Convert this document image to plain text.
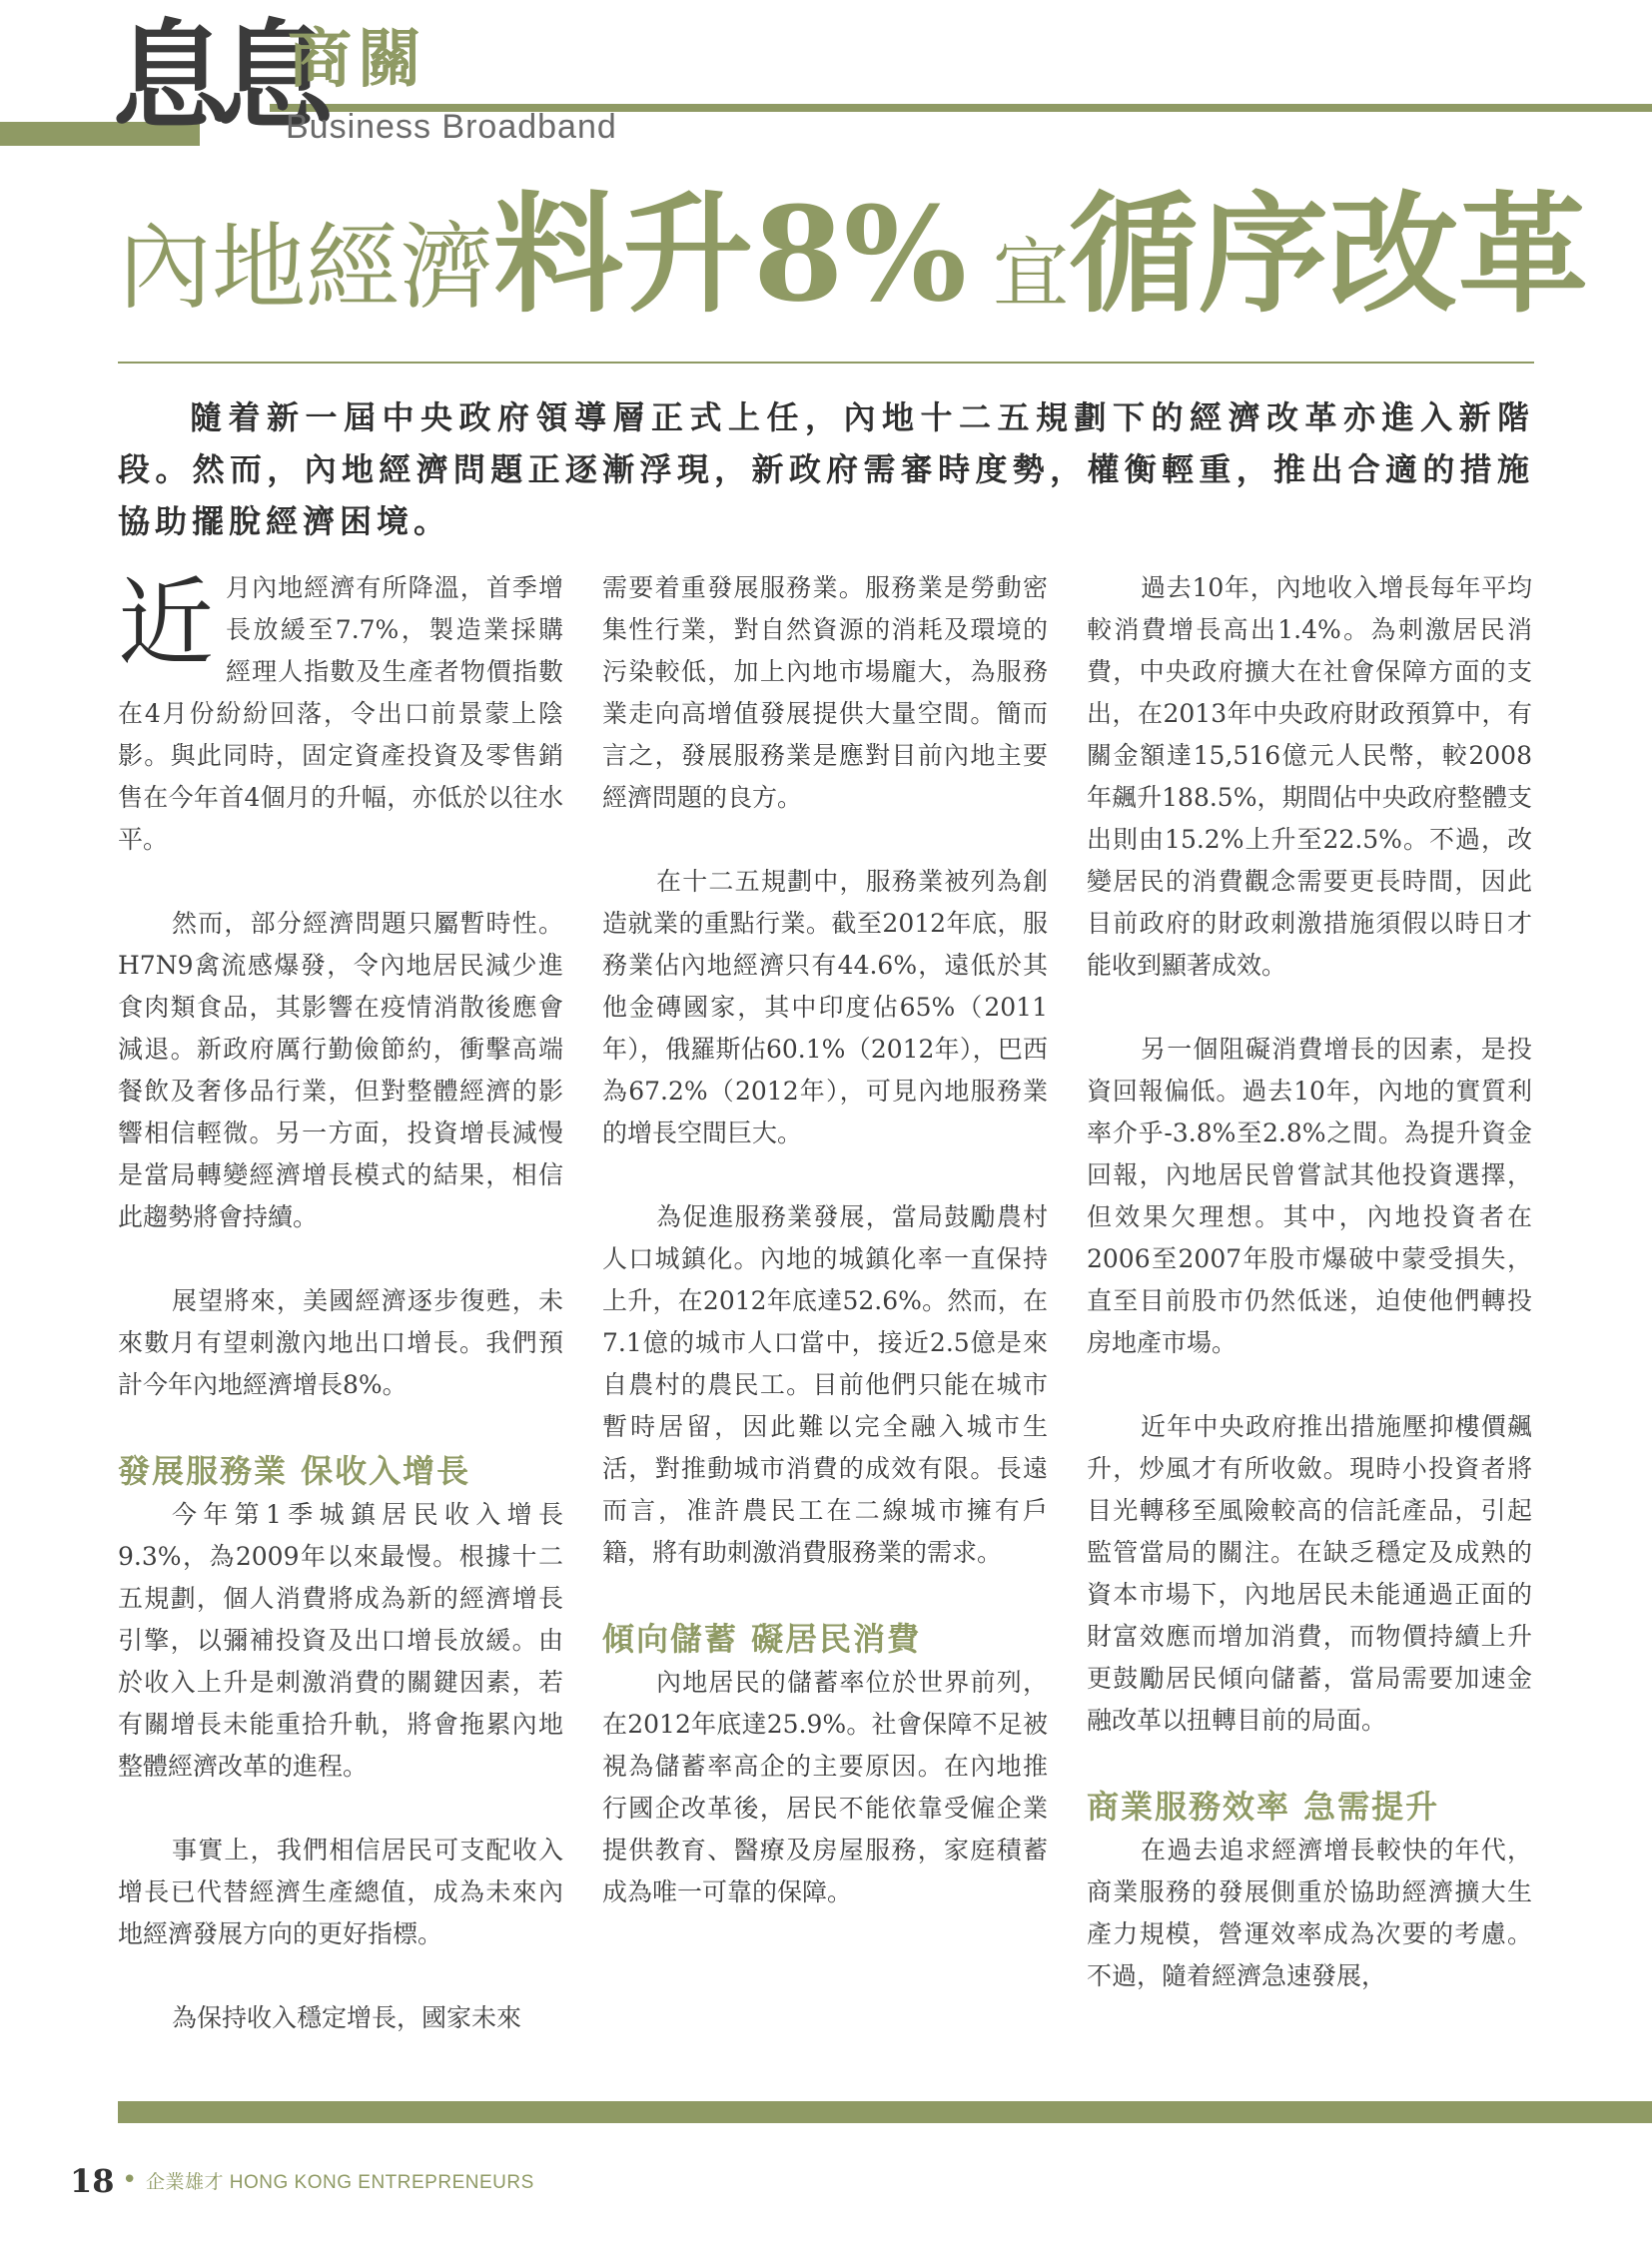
息息
商關
Business Broadband
內地經濟料升8% 宜循序改革

隨着新一屆中央政府領導層正式上任，內地十二五規劃下的經濟改革亦進入新階段。然而，內地經濟問題正逐漸浮現，新政府需審時度勢，權衡輕重，推出合適的措施協助擺脫經濟困境。

近月內地經濟有所降溫，首季增長放緩至7.7%，製造業採購經理人指數及生產者物價指數在4月份紛紛回落，令出口前景蒙上陰影。與此同時，固定資產投資及零售銷售在今年首4個月的升幅，亦低於以往水平。

然而，部分經濟問題只屬暫時性。H7N9禽流感爆發，令內地居民減少進食肉類食品，其影響在疫情消散後應會減退。新政府厲行勤儉節約，衝擊高端餐飲及奢侈品行業，但對整體經濟的影響相信輕微。另一方面，投資增長減慢是當局轉變經濟增長模式的結果，相信此趨勢將會持續。

展望將來，美國經濟逐步復甦，未來數月有望刺激內地出口增長。我們預計今年內地經濟增長8%。

發展服務業 保收入增長

今年第1季城鎮居民收入增長9.3%，為2009年以來最慢。根據十二五規劃，個人消費將成為新的經濟增長引擎，以彌補投資及出口增長放緩。由於收入上升是刺激消費的關鍵因素，若有關增長未能重拾升軌，將會拖累內地整體經濟改革的進程。

事實上，我們相信居民可支配收入增長已代替經濟生產總值，成為未來內地經濟發展方向的更好指標。

為保持收入穩定增長，國家未來

需要着重發展服務業。服務業是勞動密集性行業，對自然資源的消耗及環境的污染較低，加上內地市場龐大，為服務業走向高增值發展提供大量空間。簡而言之，發展服務業是應對目前內地主要經濟問題的良方。

在十二五規劃中，服務業被列為創造就業的重點行業。截至2012年底，服務業佔內地經濟只有44.6%，遠低於其他金磚國家，其中印度佔65%（2011年），俄羅斯佔60.1%（2012年），巴西為67.2%（2012年），可見內地服務業的增長空間巨大。

為促進服務業發展，當局鼓勵農村人口城鎮化。內地的城鎮化率一直保持上升，在2012年底達52.6%。然而，在7.1億的城市人口當中，接近2.5億是來自農村的農民工。目前他們只能在城市暫時居留，因此難以完全融入城市生活，對推動城市消費的成效有限。長遠而言，准許農民工在二線城市擁有戶籍，將有助刺激消費服務業的需求。

傾向儲蓄 礙居民消費

內地居民的儲蓄率位於世界前列，在2012年底達25.9%。社會保障不足被視為儲蓄率高企的主要原因。在內地推行國企改革後，居民不能依靠受僱企業提供教育、醫療及房屋服務，家庭積蓄成為唯一可靠的保障。

過去10年，內地收入增長每年平均較消費增長高出1.4%。為刺激居民消費，中央政府擴大在社會保障方面的支出，在2013年中央政府財政預算中，有關金額達15,516億元人民幣，較2008年飆升188.5%，期間佔中央政府整體支出則由15.2%上升至22.5%。不過，改變居民的消費觀念需要更長時間，因此目前政府的財政刺激措施須假以時日才能收到顯著成效。

另一個阻礙消費增長的因素，是投資回報偏低。過去10年，內地的實質利率介乎-3.8%至2.8%之間。為提升資金回報，內地居民曾嘗試其他投資選擇，但效果欠理想。其中，內地投資者在2006至2007年股市爆破中蒙受損失，直至目前股市仍然低迷，迫使他們轉投房地產市場。

近年中央政府推出措施壓抑樓價飆升，炒風才有所收斂。現時小投資者將目光轉移至風險較高的信託產品，引起監管當局的關注。在缺乏穩定及成熟的資本市場下，內地居民未能通過正面的財富效應而增加消費，而物價持續上升更鼓勵居民傾向儲蓄，當局需要加速金融改革以扭轉目前的局面。

商業服務效率 急需提升

在過去追求經濟增長較快的年代，商業服務的發展側重於協助經濟擴大生產力規模，營運效率成為次要的考慮。不過，隨着經濟急速發展，

18 • 企業雄才 HONG KONG ENTREPRENEURS
